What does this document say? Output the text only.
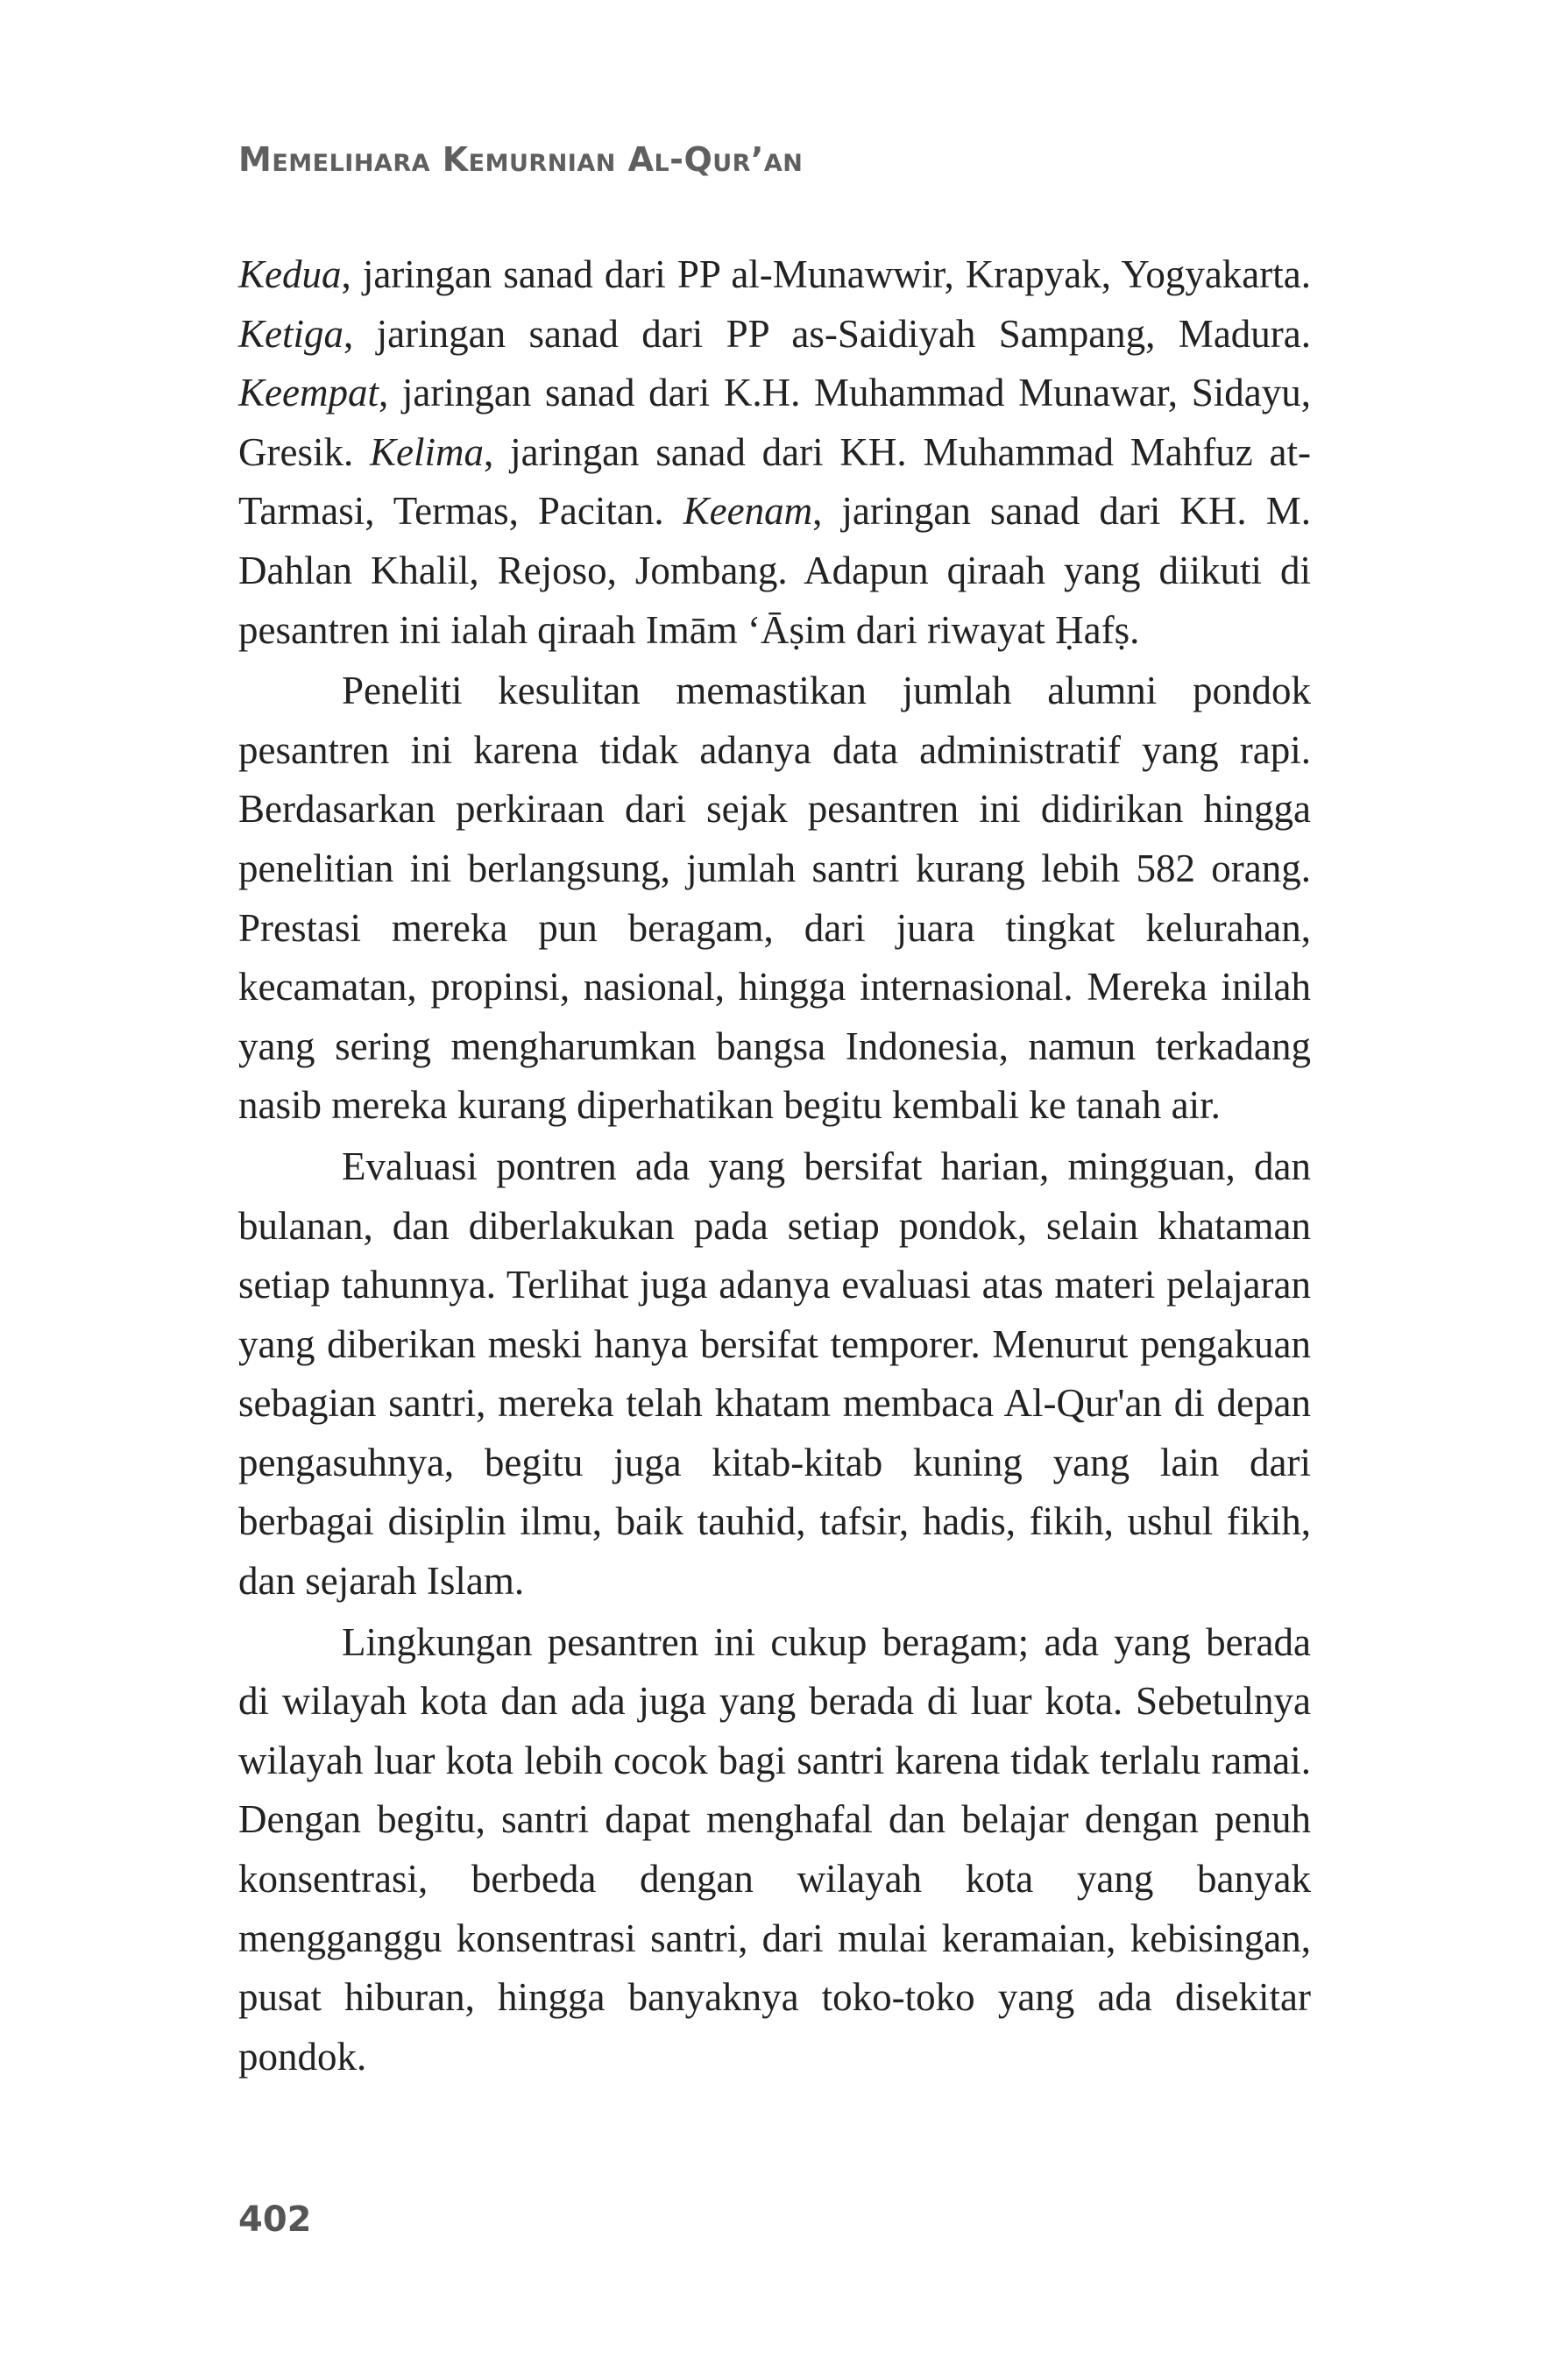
Memelihara Kemurnian Al-Qur’an

Kedua, jaringan sanad dari PP al-Munawwir, Krapyak, Yogyakarta. Ketiga, jaringan sanad dari PP as-Saidiyah Sampang, Madura. Keempat, jaringan sanad dari K.H. Muhammad Munawar, Sidayu, Gresik. Kelima, jaringan sanad dari KH. Muhammad Mahfuz at-Tarmasi, Termas, Pacitan. Keenam, jaringan sanad dari KH. M. Dahlan Khalil, Rejoso, Jombang. Adapun qiraah yang diikuti di pesantren ini ialah qiraah Imām ‘Āṣim dari riwayat Ḥafṣ.

Peneliti kesulitan memastikan jumlah alumni pondok pesantren ini karena tidak adanya data administratif yang rapi. Berdasarkan perkiraan dari sejak pesantren ini didirikan hingga penelitian ini berlangsung, jumlah santri kurang lebih 582 orang. Prestasi mereka pun beragam, dari juara tingkat kelurahan, kecamatan, propinsi, nasional, hingga internasional. Mereka inilah yang sering mengharumkan bangsa Indonesia, namun terkadang nasib mereka kurang diperhatikan begitu kembali ke tanah air.

Evaluasi pontren ada yang bersifat harian, mingguan, dan bulanan, dan diberlakukan pada setiap pondok, selain khataman setiap tahunnya. Terlihat juga adanya evaluasi atas materi pelajaran yang diberikan meski hanya bersifat temporer. Menurut pengakuan sebagian santri, mereka telah khatam membaca Al-Qur'an di depan pengasuhnya, begitu juga kitab-kitab kuning yang lain dari berbagai disiplin ilmu, baik tauhid, tafsir, hadis, fikih, ushul fikih, dan sejarah Islam.

Lingkungan pesantren ini cukup beragam; ada yang berada di wilayah kota dan ada juga yang berada di luar kota. Sebetulnya wilayah luar kota lebih cocok bagi santri karena tidak terlalu ramai. Dengan begitu, santri dapat menghafal dan belajar dengan penuh konsentrasi, berbeda dengan wilayah kota yang banyak mengganggu konsentrasi santri, dari mulai keramaian, kebisingan, pusat hiburan, hingga banyaknya toko-toko yang ada disekitar pondok.

402
